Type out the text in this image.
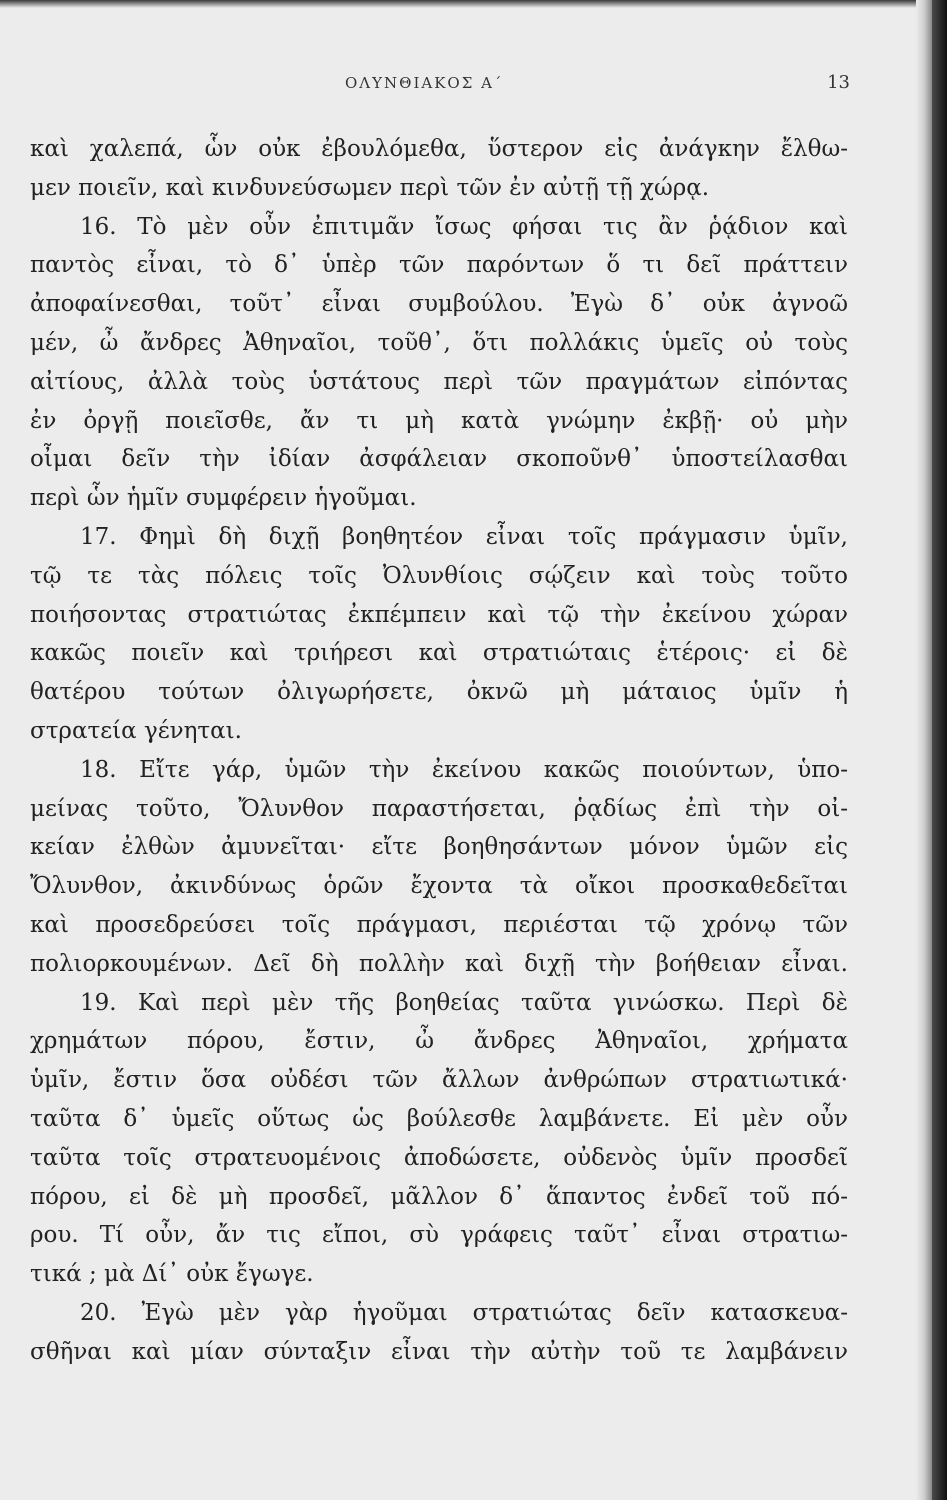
ΟΛΥΝΘΙΑΚΟΣ Α΄	13
καὶ χαλεπά, ὧν οὐκ ἐβουλόμεθα, ὕστερον εἰς ἀνάγκην ἔλθω-
μεν ποιεῖν, καὶ κινδυνεύσωμεν περὶ τῶν ἐν αὐτῇ τῇ χώρᾳ.
16. Τὸ μὲν οὖν ἐπιτιμᾶν ἴσως φήσαι τις ἂν ῥᾴδιον καὶ
παντὸς εἶναι, τὸ δ᾿ ὑπὲρ τῶν παρόντων ὅ τι δεῖ πράττειν
ἀποφαίνεσθαι, τοῦτ᾿ εἶναι συμβούλου. Ἐγὼ δ᾿ οὐκ ἀγνοῶ
μέν, ὦ ἄνδρες Ἀθηναῖοι, τοῦθ᾿, ὅτι πολλάκις ὑμεῖς οὐ τοὺς
αἰτίους, ἀλλὰ τοὺς ὑστάτους περὶ τῶν πραγμάτων εἰπόντας
ἐν ὀργῇ ποιεῖσθε, ἄν τι μὴ κατὰ γνώμην ἐκβῇ· οὐ μὴν
οἶμαι δεῖν τὴν ἰδίαν ἀσφάλειαν σκοποῦνθ᾿ ὑποστείλασθαι
περὶ ὧν ἡμῖν συμφέρειν ἡγοῦμαι.
17. Φημὶ δὴ διχῇ βοηθητέον εἶναι τοῖς πράγμασιν ὑμῖν,
τῷ τε τὰς πόλεις τοῖς Ὀλυνθίοις σῴζειν καὶ τοὺς τοῦτο
ποιήσοντας στρατιώτας ἐκπέμπειν καὶ τῷ τὴν ἐκείνου χώραν
κακῶς ποιεῖν καὶ τριήρεσι καὶ στρατιώταις ἑτέροις· εἰ δὲ
θατέρου τούτων ὀλιγωρήσετε, ὀκνῶ μὴ μάταιος ὑμῖν ἡ
στρατεία γένηται.
18. Εἴτε γάρ, ὑμῶν τὴν ἐκείνου κακῶς ποιούντων, ὑπο-
μείνας τοῦτο, Ὄλυνθον παραστήσεται, ῥᾳδίως ἐπὶ τὴν οἰ-
κείαν ἐλθὼν ἀμυνεῖται· εἴτε βοηθησάντων μόνον ὑμῶν εἰς
Ὄλυνθον, ἀκινδύνως ὁρῶν ἔχοντα τὰ οἴκοι προσκαθεδεῖται
καὶ προσεδρεύσει τοῖς πράγμασι, περιέσται τῷ χρόνῳ τῶν
πολιορκουμένων. Δεῖ δὴ πολλὴν καὶ διχῇ τὴν βοήθειαν εἶναι.
19. Καὶ περὶ μὲν τῆς βοηθείας ταῦτα γινώσκω. Περὶ δὲ
χρημάτων πόρου, ἔστιν, ὦ ἄνδρες Ἀθηναῖοι, χρήματα
ὑμῖν, ἔστιν ὅσα οὐδέσι τῶν ἄλλων ἀνθρώπων στρατιωτικά·
ταῦτα δ᾿ ὑμεῖς οὕτως ὡς βούλεσθε λαμβάνετε. Εἰ μὲν οὖν
ταῦτα τοῖς στρατευομένοις ἀποδώσετε, οὐδενὸς ὑμῖν προσδεῖ
πόρου, εἰ δὲ μὴ προσδεῖ, μᾶλλον δ᾿ ἅπαντος ἐνδεῖ τοῦ πό-
ρου. Τί οὖν, ἄν τις εἴποι, σὺ γράφεις ταῦτ᾿ εἶναι στρατιω-
τικά ; μὰ Δί᾿ οὐκ ἔγωγε.
20. Ἐγὼ μὲν γὰρ ἡγοῦμαι στρατιώτας δεῖν κατασκευα-
σθῆναι καὶ μίαν σύνταξιν εἶναι τὴν αὐτὴν τοῦ τε λαμβάνειν
